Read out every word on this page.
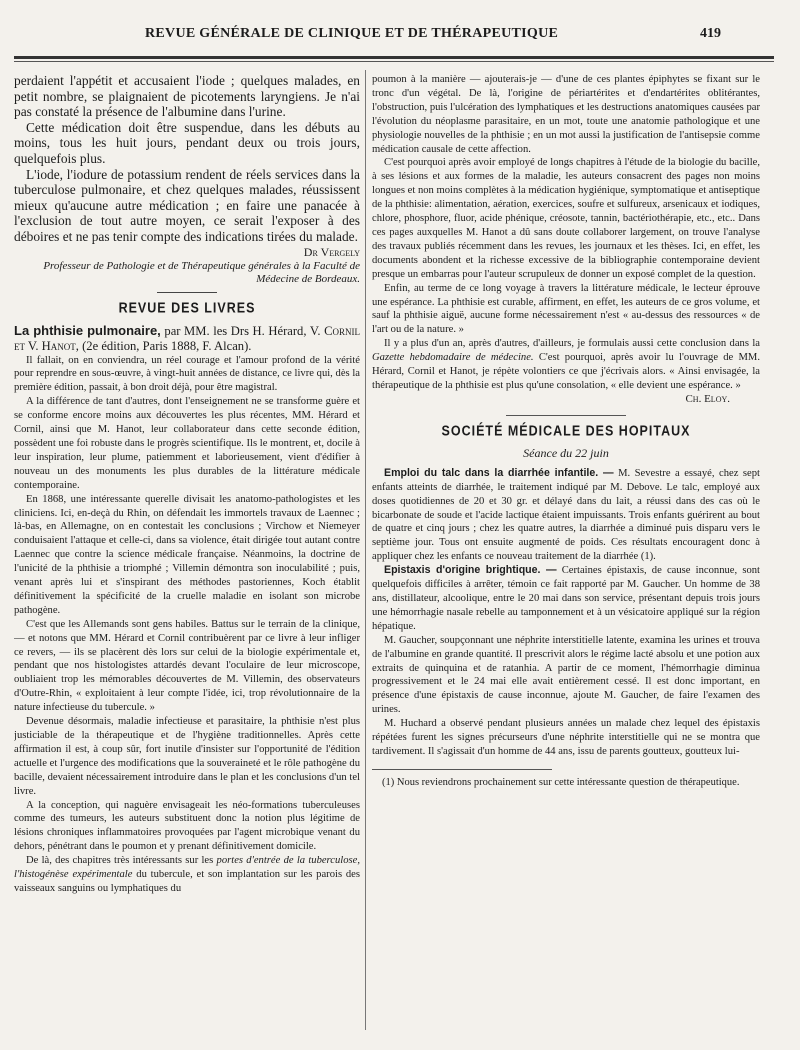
REVUE GÉNÉRALE DE CLINIQUE ET DE THÉRAPEUTIQUE	419

perdaient l'appétit et accusaient l'iode ; quelques malades, en petit nombre, se plaignaient de picotements laryngiens. Je n'ai pas constaté la présence de l'albumine dans l'urine.

Cette médication doit être suspendue, dans les débuts au moins, tous les huit jours, pendant deux ou trois jours, quelquefois plus.

L'iode, l'iodure de potassium rendent de réels services dans la tuberculose pulmonaire, et chez quelques malades, réussissent mieux qu'aucune autre médication ; en faire une panacée à l'exclusion de tout autre moyen, ce serait l'exposer à des déboires et ne pas tenir compte des indications tirées du malade.

Dr Vergely
Professeur de Pathologie et de Thérapeutique générales à la Faculté de Médecine de Bordeaux.
REVUE DES LIVRES

La phthisie pulmonaire, par MM. les Drs H. Hérard, V. Cornil et V. Hanot, (2e édition, Paris 1888, F. Alcan).

Il fallait, on en conviendra, un réel courage et l'amour profond de la vérité pour reprendre en sous-œuvre, à vingt-huit années de distance, ce livre qui, dès la première édition, passait, à bon droit déjà, pour être magistral.

A la différence de tant d'autres, dont l'enseignement ne se transforme guère et se conforme encore moins aux découvertes les plus récentes, MM. Hérard et Cornil, ainsi que M. Hanot, leur collaborateur dans cette seconde édition, possèdent une foi robuste dans le progrès scientifique. Ils le montrent, et, docile à leur inspiration, leur plume, patiemment et laborieusement, vient d'édifier à nouveau un des monuments les plus durables de la littérature médicale contemporaine.

En 1868, une intéressante querelle divisait les anatomo-pathologistes et les cliniciens. Ici, en-deçà du Rhin, on défendait les immortels travaux de Laennec ; là-bas, en Allemagne, on en contestait les conclusions ; Virchow et Niemeyer conduisaient l'attaque et celle-ci, dans sa violence, était dirigée tout autant contre Laennec que contre la science médicale française. Néanmoins, la doctrine de l'unicité de la phthisie a triomphé ; Villemin démontra son inoculabilité ; puis, venant après lui et s'inspirant des méthodes pastoriennes, Koch établit définitivement la spécificité de la cruelle maladie en isolant son microbe pathogène.

C'est que les Allemands sont gens habiles. Battus sur le terrain de la clinique, — et notons que MM. Hérard et Cornil contribuèrent par ce livre à leur infliger ce revers, — ils se placèrent dès lors sur celui de la biologie expérimentale et, pendant que nos histologistes attardés devant l'oculaire de leur microscope, oubliaient trop les mémorables découvertes de M. Villemin, des observateurs d'Outre-Rhin, « exploitaient à leur compte l'idée, ici, trop révolutionnaire de la nature infectieuse du tubercule. »

Devenue désormais, maladie infectieuse et parasitaire, la phthisie n'est plus justiciable de la thérapeutique et de l'hygiène traditionnelles. Après cette affirmation il est, à coup sûr, fort inutile d'insister sur l'opportunité de l'édition actuelle et l'urgence des modifications que la souveraineté et le rôle pathogène du bacille, devaient nécessairement introduire dans le plan et les conclusions d'un tel livre.

A la conception, qui naguère envisageait les néo-formations tuberculeuses comme des tumeurs, les auteurs substituent donc la notion plus légitime de lésions chroniques inflammatoires provoquées par l'agent microbique venant du dehors, pénétrant dans le poumon et y prenant définitivement domicile.

De là, des chapitres très intéressants sur les portes d'entrée de la tuberculose, l'histogénèse expérimentale du tubercule, et son implantation sur les parois des vaisseaux sanguins ou lymphatiques du

poumon à la manière — ajouterais-je — d'une de ces plantes épiphytes se fixant sur le tronc d'un végétal. De là, l'origine de périartérites et d'endartérites oblitérantes, l'obstruction, puis l'ulcération des lymphatiques et les destructions anatomiques causées par l'évolution du néoplasme parasitaire, en un mot, toute une anatomie pathologique et une physiologie nouvelles de la phthisie ; en un mot aussi la justification de l'antisepsie comme médication causale de cette affection.

C'est pourquoi après avoir employé de longs chapitres à l'étude de la biologie du bacille, à ses lésions et aux formes de la maladie, les auteurs consacrent des pages non moins longues et non moins complètes à la médication hygiénique, symptomatique et antiseptique de la phthisie: alimentation, aération, exercices, soufre et sulfureux, arsenicaux et iodiques, chlore, phosphore, fluor, acide phénique, créosote, tannin, bactériothérapie, etc., etc.. Dans ces pages auxquelles M. Hanot a dû sans doute collaborer largement, on trouve l'analyse des travaux publiés récemment dans les revues, les journaux et les thèses. Ici, en effet, les documents abondent et la richesse excessive de la bibliographie contemporaine devient presque un embarras pour l'auteur scrupuleux de donner un exposé complet de la question.

Enfin, au terme de ce long voyage à travers la littérature médicale, le lecteur éprouve une espérance. La phthisie est curable, affirment, en effet, les auteurs de ce gros volume, et sauf la phthisie aiguë, aucune forme nécessairement n'est « au-dessus des ressources « de l'art ou de la nature. »

Il y a plus d'un an, après d'autres, d'ailleurs, je formulais aussi cette conclusion dans la Gazette hebdomadaire de médecine. C'est pourquoi, après avoir lu l'ouvrage de MM. Hérard, Cornil et Hanot, je répète volontiers ce que j'écrivais alors. « Ainsi envisagée, la thérapeutique de la phthisie est plus qu'une consolation, « elle devient une espérance. »

Ch. Eloy.
SOCIÉTÉ MÉDICALE DES HOPITAUX
Séance du 22 juin

Emploi du talc dans la diarrhée infantile. — M. Sevestre a essayé, chez sept enfants atteints de diarrhée, le traitement indiqué par M. Debove. Le talc, employé aux doses quotidiennes de 20 et 30 gr. et délayé dans du lait, a réussi dans des cas où le bicarbonate de soude et l'acide lactique étaient impuissants. Trois enfants guérirent au bout de quatre et cinq jours ; chez les quatre autres, la diarrhée a diminué puis disparu vers le septième jour. Tous ont ensuite augmenté de poids. Ces résultats encouragent donc à appliquer chez les enfants ce nouveau traitement de la diarrhée (1).

Epistaxis d'origine brightique. — Certaines épistaxis, de cause inconnue, sont quelquefois difficiles à arrêter, témoin ce fait rapporté par M. Gaucher. Un homme de 38 ans, distillateur, alcoolique, entre le 20 mai dans son service, présentant depuis trois jours une hémorrhagie nasale rebelle au tamponnement et à un vésicatoire appliqué sur la région hépatique.

M. Gaucher, soupçonnant une néphrite interstitielle latente, examina les urines et trouva de l'albumine en grande quantité. Il prescrivit alors le régime lacté absolu et une potion aux extraits de quinquina et de ratanhia. A partir de ce moment, l'hémorrhagie diminua progressivement et le 24 mai elle avait entièrement cessé. Il est donc important, en présence d'une épistaxis de cause inconnue, ajoute M. Gaucher, de faire l'examen des urines.

M. Huchard a observé pendant plusieurs années un malade chez lequel des épistaxis répétées furent les signes précurseurs d'une néphrite interstitielle qui ne se montra que tardivement. Il s'agissait d'un homme de 44 ans, issu de parents goutteux, goutteux lui-

(1) Nous reviendrons prochainement sur cette intéressante question de thérapeutique.
